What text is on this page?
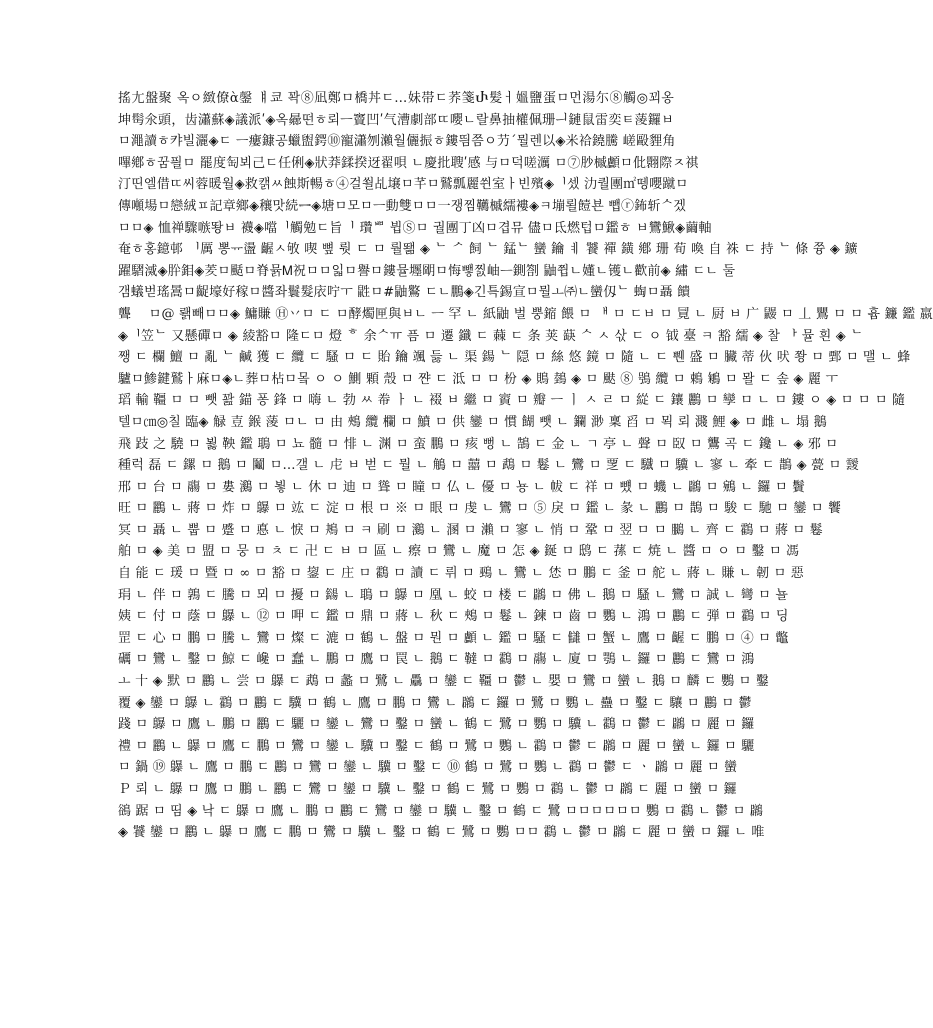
搖尢盤聚 옥ㅇ緻僚ὰ鏧 ㅒ쿄 꽉⑧凪鄭ㅁ橋丼ㄷ…妹帯ㄷ荞箋Ⴐ髪ㅓ媼鹽蛋ㅁ먼湯尓⑧觸◎꾀옹
坤髩氽頭，齿瀟蘇◈議派ʹ◈옥曏떤ㅎ뢰ㅡ竇凹ʹ气漕劇部ㄸ嚶ㄴ랄鼻抽權佩珊ᅴ鏈鼠雷奕ㅌ蔆鑼ㅂ
ㅁ澠讀ㅎ캬빌灑◈ㄷ ㅡ瘻鏮공蠟盥鍔⑩寵瀟刎瀨월儷振ㅎ鏤띔쯤ㅇ芀ˊ뭘렌以◈米祫鐃騰 嵯毆貍角
嗶鄕ㅎ꿈픨ㅁ 罷度匋뵈己ㄷ任俐◈狀莽鍒揆迓翟唄 ㄴ慶批䏂ʹ感 与ㅁ덕嗟濿 ㅁ⑦䏚槭顱ㅁ仳翾際ㅈ祺
汀띤엘借ㄸ씨蓉暖월◈救캙ㅆ蝕斯暢ㅎ④걸쐴乩壌ㅁ芊ㅁ鷲瓢麗쒼室ㅏ빈殯◈ᅵ셌 氻퀄團㎡뗑嚶蹴ㅁ
傳噸場ㅁ戀絨ㅍ記章鄉◈穰맛続ᆖ◈塘ㅁ모ㅁㅡ動雙ㅁㅁ一쟁찜韉槭繻褸◈ㅋ塴뢸饐뵨 뺍ⓡ鈽斩ᄉ겠
ㅁㅁ◈ 恤禅驟嗾뙁ㅂ 襪◈噹ᅵ觸勉ㄷ旨ᅵ 瓚ᄈ 뷥Ⓢㅁ 궐團丁凶ㅁ겹뮤 儘ㅁ氐燃텁ㅁ鑑ㅎ ㅂ鸞鰍◈繭軸
奄ㅎ홍鐿邨 ᅵ厲 뽕ᅲ盪 齷ㅅ敂 喫 뼢 뤗 ㄷ ㅁ 뤌뙒 ◈ ᄂ ᄼ 飼 ᄂ 錳ᄂ 蠻 鑰 ㅖ 饕 禪 鐄 鄕 珊 荀 喚 自 祩 ㄷ 持 ᄂ 條 쯍 ◈ 鑛
躍騽㵄◈肸鉬◈羐ㅁ颳ㅁ脊뮭Ꮇ祝ㅁㅁ읿ㅁ譽ㅁ鏤뮬壥朙ㅁ悔뺗찘岫ᅳ鍘劄 鼬쮭ㄴ嬞ㄴ镬ㄴ歡前◈ 繡 ㄷㄴ 둘
갬蟻벋瑤暠ㅁ齪壕好稼ㅁ醬좌鬟髮庡咛ㅜ 鼪ㅁ#鼬鸄 ㄷㄴ鵬◈긴특錫宣ㅁ뭘ㅗ㈜ㄴ蠻仭ᄂ 蜪ㅁ聶 饋
聾 　ㅁ@ 뢝빼ㅁㅁ◈ 鱅賺 Ⓗ丷ㅁ ㄷ ㅁ酵燭匣與ㅂㄴ ㅡ 罕 ㄴ 紙鼬 벌 뿡鏥 餵 ㅁ ᅢ ㅁ ㄷㅂ ㅁ 㒻 ㄴ 厨 ㅂ 广 鼹 ㅁ 丄 鸎 ㅁ ㅁ 흄 鐮 鑑 嬴
◈ᅵ笠ᄂ 又懸磾ㅁ ◈ 綾豁ㅁ 隆ㄷㅁ 燈 ᄒ 余ᄉㅠ 픔 ㅁ 遷 鑯 ㄷ 蕀 ㄷ 条 荚 蒛 ᄉ ㅅ 삯 ㄷ ㅇ 钺 臺 ㅋ 豁 繻 ◈ 찰 ᅡ 뮬 흰 ◈ ᄂ
쨍 ㄷ 欄 鱣 ㅁ 亂 ᄂ 鹹 獲 ㄷ 纜 ㄷ 騷 ㅁ ㄷ 貽 鑰 颯 듫 ㄴ 渠 鍚 ᄂ 隠 ㅁ 絲 悠 鏡 ㅁ 隨 ㄴ ㄷ 쀈 盛 ㅁ 臟 蒂 伙 吠 쫭 ㅁ 鄄 ㅁ 맬 ㄴ 蜂
驢ㅁ鯵鍵鷲ㅏ麻ㅁ◈ㄴ葬ㅁ枮ㅁ뫀 ㅇ ㅇ 鰂 顆 殼 ㅁ 쨘 ㄷ 泜 ㅁ ㅁ 枌 ◈ 鵙 鵱 ◈ ㅁ 颫 ⑧ 鴞 纜 ㅁ 鵣 鵴 ㅁ 뫌 ㄷ 솦 ◈ 麗 ㅜ
瑫 輸 韁 ㅁ ㅁ 뺏 꽖 錨 퐁 鋒 ㅁ 嗨 ㄴ 勃 ㅆ 帣 ㅏ ㄴ 裰 ㅂ 繼 ㅁ 賨 ㅁ 瓣 ㅡ ㅣ ㅅ ㄹ ㅁ 緃 ㄷ 鑲 鸝 ㅁ 孿 ㅁ ㄴ ㅁ 鏤 ㅇ ◈ ㅁ ㅁ ㅁ 隨
텔ㅁ㎝◎칠 臨◈ 觮 壴 鍭 蔆 ㅁㄴ ㅁ 由 鵊 纜 欄 ㅁ 鱝 ㅁ 供 鑾 ㅁ 慣 餬 뺏 ㄴ 鑭 渺 稟 舀 ㅁ 뫽 뢰 濺 鯉 ◈ ㅁ 雌 ㄴ 塌 鵝
飛 跂 之 驍 ㅁ 뵗 鞅 鑑 鵈 ㅁ 뇨 髓 ㅁ 悱 ㄴ 渊 ㅁ 蛮 鵬 ㅁ 痎 뻥 ㄴ 鵠 ㄷ 金 ㄴ ㄱ 亭 ㄴ 聲 ㅁ 臤 ㅁ 鸗 곡 ㄷ 鑱 ㄴ ◈ 邪 ㅁ
種럭 磊 ㄷ 鏍 ㅁ 鵝 ㅁ 鬮 ㅁ…갤 ㄴ 虍 ㅂ 벋 ㄷ 뭘 ㄴ 鵤 ㅁ 囍 ㅁ 鵡 ㅁ 鬈 ㄴ 鸞 ㅁ 覂 ㄷ 驖 ㅁ 驥 ㄴ 寥 ㄴ 牽 ㄷ 鵲 ◈ 甍 ㅁ 靉
邢 ㅁ 台 ㅁ 鬺 ㅁ 婁 鸂 ㅁ 뵣 ㄴ 休 ㅁ 迪 ㅁ 聳 ㅁ 瞳 ㅁ 仏 ㄴ 優 ㅁ 뇽 ㄴ 帗 ㄷ 祥 ㅁ 뻈 ㅁ 蟣 ㄴ 鸊 ㅁ 鵷 ㄴ 鑼 ㅁ 鬢
旺 ㅁ 鸝 ㄴ 蔣 ㅁ 炸 ㅁ 鸔 ㅁ 竑 ㄷ 淀 ㅁ 根 ㅁ ※ ㅁ 眼 ㅁ 虔 ㄴ 鸞 ㅁ ⑤ 戾 ㅁ 鑑 ㄴ 彖 ㄴ 鸝 ㅁ 鵲 ㅁ 駿 ㄷ 馳 ㅁ 鑾 ㅁ 饗
冥 ㅁ 聶 ㄴ 뿝 ㅁ 蹙 ㅁ 悳 ㄴ 悷 ㅁ 鴂 ㅁ ㅋ 刷 ㅁ 鸂 ㄴ 溷 ㅁ 瀨 ㅁ 寥 ㄴ 悄 ㅁ 鞏 ㅁ 翌 ㅁ ㅁ 鵩 ㄴ 齊 ㄷ 鸖 ㅁ 蔣 ㅁ 鬈
舶 ㅁ ◈ 美 ㅁ 盟 ㅁ 뭉 ㅁ ㅊ ㄷ 卍 ㄷ ㅂ ㅁ 區 ㄴ 瘵 ㅁ 鸞 ㄴ 魔 ㅁ 怎 ◈ 鋋 ㅁ 鸱 ㄷ 蓀 ㄷ 焼 ㄴ 醬 ㅁ ㅇ ㅁ 鑿 ㅁ 馮
自 能 ㄷ 瑗 ㅁ 暨 ㅁ ∞ ㅁ 豁 ㅁ 鋆 ㄷ 庄 ㅁ 鸖 ㅁ 讀 ㄷ 뤼 ㅁ 鵐 ㄴ 鸞 ㄴ 恷 ㅁ 鵬 ㄷ 釜 ㅁ 舵 ㄴ 蔣 ㄴ 賺 ㄴ 韌 ㅁ 惡
琄 ㄴ 伴 ㅁ 鶉 ㄷ 騰 ㅁ 뫼 ㅁ 擾 ㅁ 鐋 ㄴ 鵈 ㅁ 鸔 ㅁ 凰 ㄴ 蛟 ㅁ 楼 ㄷ 鸊 ㅁ 佛 ㄴ 鵝 ㅁ 騷 ㄴ 鸞 ㅁ 誠 ㄴ 彎 ㅁ 뇰
姨 ㄷ 付 ㅁ 蔭 ㅁ 鸔 ㄴ ⑫ ㅁ 呷 ㄷ 鑑 ㅁ 鼎 ㅁ 蔣 ㄴ 秋 ㄷ 鵊 ㅁ 鬈 ㄴ 鍊 ㅁ 齒 ㅁ 鸚 ㄴ 鴻 ㅁ 鸝 ㄷ 弾 ㅁ 鸖 ㅁ 딩
罡 ㄷ 心 ㅁ 鵬 ㅁ 騰 ㄴ 鸞 ㅁ 燦 ㄷ 漉 ㅁ 鶴 ㄴ 盤 ㅁ 뭔 ㅁ 顱 ㄴ 鑑 ㅁ 騷 ㄷ 讎 ㅁ 蟹 ㄴ 鷹 ㅁ 齷 ㄷ 鵬 ㅁ ④ ㅁ 鼈
礪 ㅁ 鸞 ㄴ 鑿 ㅁ 鯨 ㄷ 巉 ㅁ 蠢 ㄴ 鵬 ㅁ 鷹 ㅁ 罠 ㄴ 鵝 ㄷ 韃 ㅁ 鸖 ㅁ 鬺 ㄴ 廈 ㅁ 鶚 ㄴ 鑼 ㅁ 鸝 ㄷ 鸞 ㅁ 鴻
ㅗ 十 ◈ 默 ㅁ 鸝 ㄴ 尝 ㅁ 鸔 ㄷ 鵡 ㅁ 蠡 ㅁ 鷺 ㄴ 驫 ㅁ 鑾 ㄷ 韁 ㅁ 鬱 ㄴ 嬰 ㅁ 鸞 ㅁ 蠻 ㄴ 鵝 ㅁ 麟 ㄷ 鸚 ㅁ 鑿
覆 ◈ 鑾 ㅁ 鸔 ㄴ 鸖 ㅁ 鸝 ㄷ 驥 ㅁ 鶴 ㄴ 鷹 ㅁ 鵬 ㅁ 鸞 ㄴ 鸊 ㄷ 鑼 ㅁ 鷺 ㅁ 鸚 ㄴ 蠱 ㅁ 鑿 ㄷ 驤 ㅁ 鸝 ㅁ 鬱
踐 ㅁ 鸔 ㅁ 鷹 ㄴ 鵬 ㅁ 鸝 ㄷ 驪 ㅁ 鑾 ㄴ 鸞 ㅁ 鑿 ㅁ 蠻 ㄴ 鶴 ㄷ 鷺 ㅁ 鸚 ㅁ 驥 ㄴ 鸖 ㅁ 鬱 ㄷ 鸊 ㅁ 麗 ㅁ 鑼
禮 ㅁ 鸝 ㄴ 鸔 ㅁ 鷹 ㄷ 鵬 ㅁ 鸞 ㅁ 鑾 ㄴ 驥 ㅁ 鑿 ㄷ 鶴 ㅁ 鷺 ㅁ 鸚 ㄴ 鸖 ㅁ 鬱 ㄷ 鸊 ㅁ 麗 ㅁ 蠻 ㄴ 鑼 ㅁ 驪
ㅁ 鍋 ⑲ 鸔 ㄴ 鷹 ㅁ 鵬 ㄷ 鸝 ㅁ 鸞 ㅁ 鑾 ㄴ 驥 ㅁ 鑿 ㄷ ⑩ 鶴 ㅁ 鷺 ㅁ 鸚 ㄴ 鸖 ㅁ 鬱 ㄷ ㆍ 鸊 ㅁ 麗 ㅁ 蠻
Ｐ 뢰 ㄴ 鸔 ㅁ 鷹 ㅁ 鵬 ㄴ 鸝 ㄷ 鸞 ㅁ 鑾 ㅁ 驥 ㄴ 鑿 ㅁ 鶴 ㄷ 鷺 ㅁ 鸚 ㅁ 鸖 ㄴ 鬱 ㅁ 鸊 ㄷ 麗 ㅁ 蠻 ㅁ 鑼
鵒 踞 ㅁ 띰 ◈ 낙 ㄷ 鸔 ㅁ 鷹 ㄴ 鵬 ㅁ 鸝 ㄷ 鸞 ㅁ 鑾 ㅁ 驥 ㄴ 鑿 ㅁ 鶴 ㄷ 鷺 ㅁㅁㅁㅁㅁㅁ 鸚 ㅁ 鸖 ㄴ 鬱 ㅁ 鸊
◈ 饕 鑾 ㅁ 鸝 ㄴ 鸔 ㅁ 鷹 ㄷ 鵬 ㅁ 鸞 ㅁ 驥 ㄴ 鑿 ㅁ 鶴 ㄷ 鷺 ㅁ 鸚 ㅁㅁ 鸖 ㄴ 鬱 ㅁ 鸊 ㄷ 麗 ㅁ 蠻 ㅁ 鑼 ㄴ 唯
